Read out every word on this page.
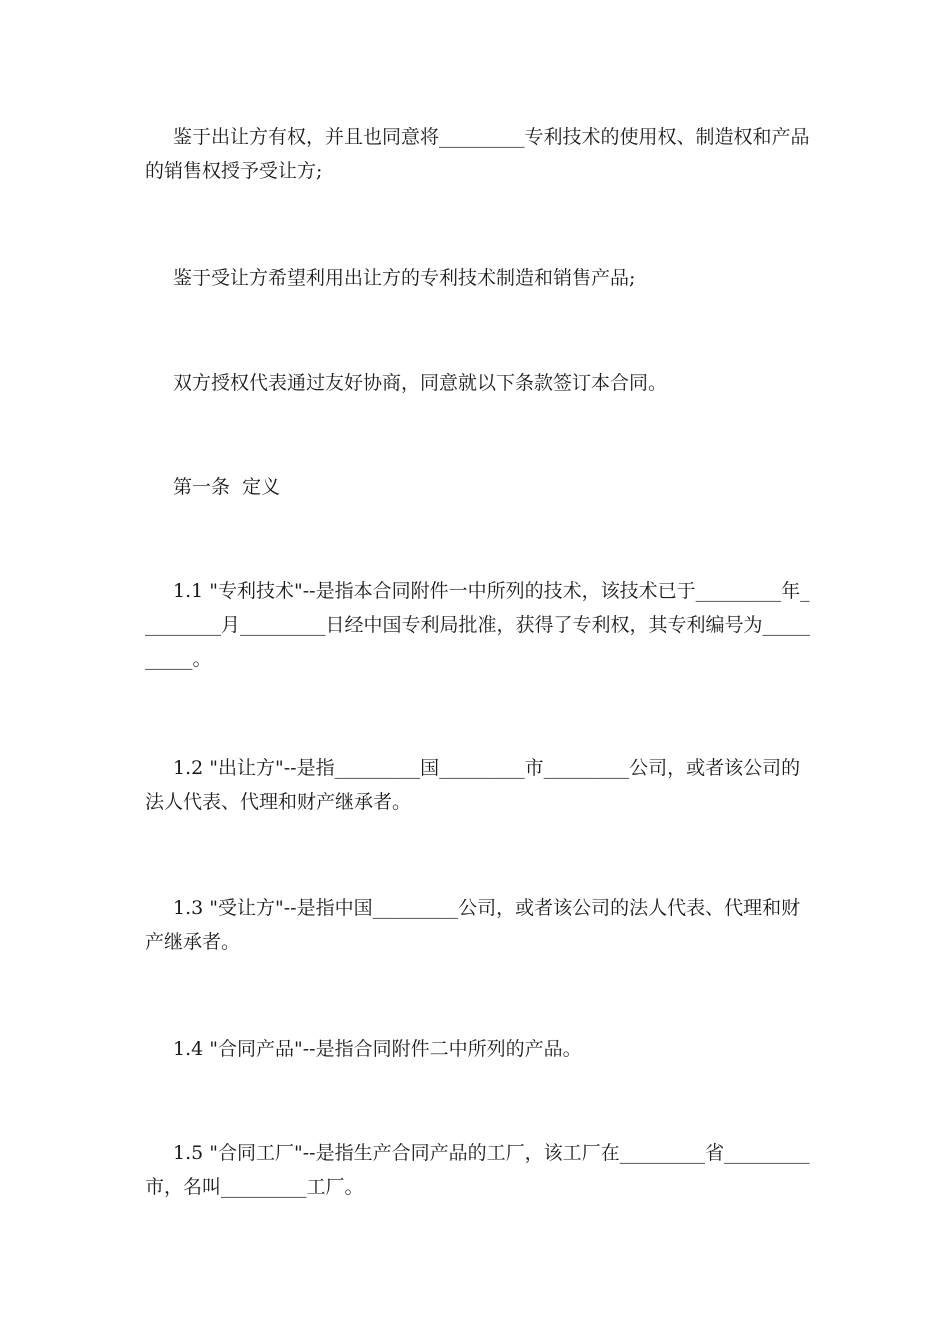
鉴于出让方有权，并且也同意将_________专利技术的使用权、制造权和产品的销售权授予受让方;

鉴于受让方希望利用出让方的专利技术制造和销售产品;

双方授权代表通过友好协商，同意就以下条款签订本合同。

第一条  定义

1.1 "专利技术"--是指本合同附件一中所列的技术，该技术已于_________年_________月_________日经中国专利局批准，获得了专利权，其专利编号为__________。

1.2 "出让方"--是指_________国_________市_________公司，或者该公司的法人代表、代理和财产继承者。

1.3 "受让方"--是指中国_________公司，或者该公司的法人代表、代理和财产继承者。

1.4 "合同产品"--是指合同附件二中所列的产品。

1.5 "合同工厂"--是指生产合同产品的工厂，该工厂在_________省_________市，名叫_________工厂。
